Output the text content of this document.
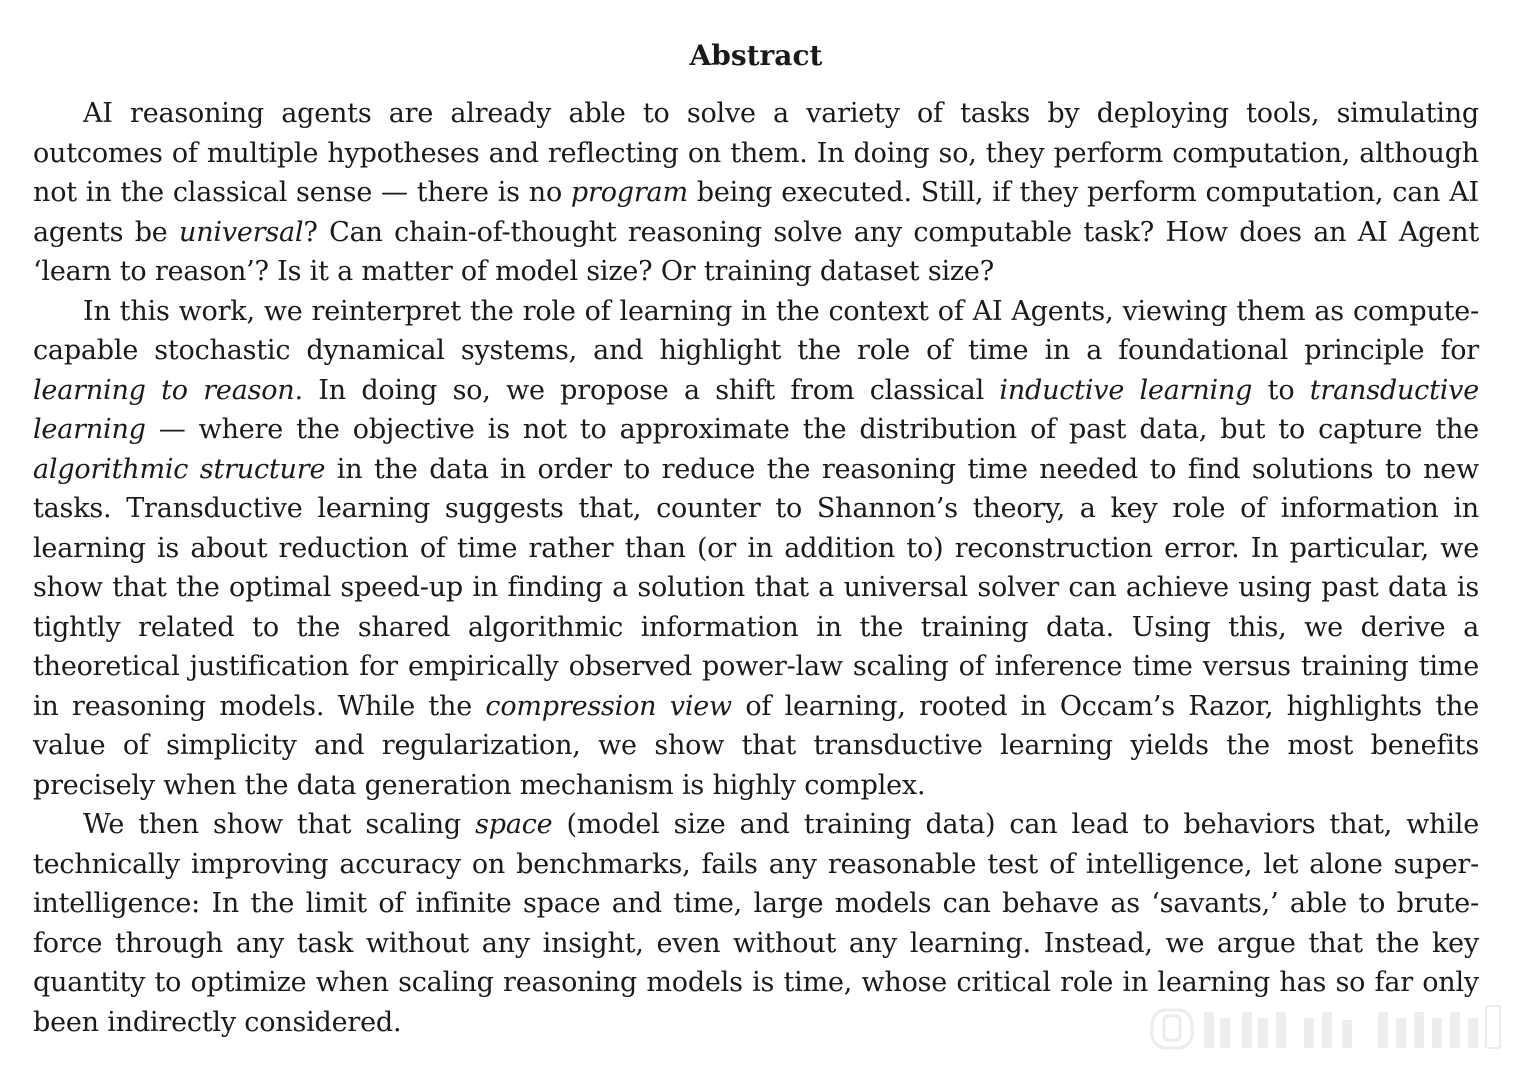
Abstract

AI reasoning agents are already able to solve a variety of tasks by deploying tools, simulating outcomes of multiple hypotheses and reflecting on them. In doing so, they perform computation, although not in the classical sense — there is no program being executed. Still, if they perform computation, can AI agents be universal? Can chain-of-thought reasoning solve any computable task? How does an AI Agent ‘learn to reason’? Is it a matter of model size? Or training dataset size?

In this work, we reinterpret the role of learning in the context of AI Agents, viewing them as compute-capable stochastic dynamical systems, and highlight the role of time in a foundational principle for learning to reason. In doing so, we propose a shift from classical inductive learning to transductive learning — where the objective is not to approximate the distribution of past data, but to capture the algorithmic structure in the data in order to reduce the reasoning time needed to find solutions to new tasks. Transductive learning suggests that, counter to Shannon’s theory, a key role of information in learning is about reduction of time rather than (or in addition to) reconstruction error. In particular, we show that the optimal speed-up in finding a solution that a universal solver can achieve using past data is tightly related to the shared algorithmic information in the training data. Using this, we derive a theoretical justification for empirically observed power-law scaling of inference time versus training time in reasoning models. While the compression view of learning, rooted in Occam’s Razor, highlights the value of simplicity and regularization, we show that transductive learning yields the most benefits precisely when the data generation mechanism is highly complex.

We then show that scaling space (model size and training data) can lead to behaviors that, while technically improving accuracy on benchmarks, fails any reasonable test of intelligence, let alone super-intelligence: In the limit of infinite space and time, large models can behave as ‘savants,’ able to brute-force through any task without any insight, even without any learning. Instead, we argue that the key quantity to optimize when scaling reasoning models is time, whose critical role in learning has so far only been indirectly considered.
